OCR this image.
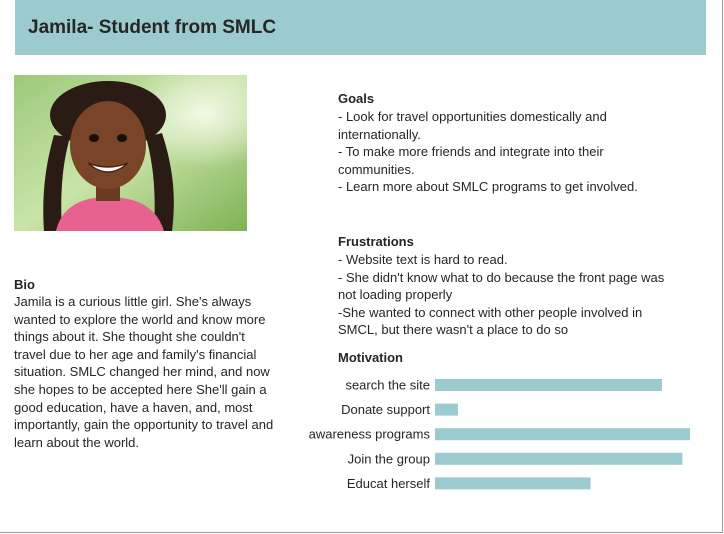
Jamila- Student from SMLC
Bio

Jamila is a curious little girl. She's always wanted to explore the world and know more things about it. She thought she couldn't travel due to her age and family's financial situation. SMLC changed her mind, and now she hopes to be accepted here She'll gain a good education, have a haven, and, most importantly, gain the opportunity to travel and learn about the world.

Goals
- Look for travel opportunities domestically and internationally.
- To make more friends and integrate into their communities.
- Learn more about SMLC programs to get involved.
Frustrations
- Website text is hard to read.
- She didn't know what to do because the front page was not loading properly
-She wanted to connect with other people involved in SMCL, but there wasn't a place to do so
Motivation
search the site
Donate support
awareness programs
Join the group
Educat herself
